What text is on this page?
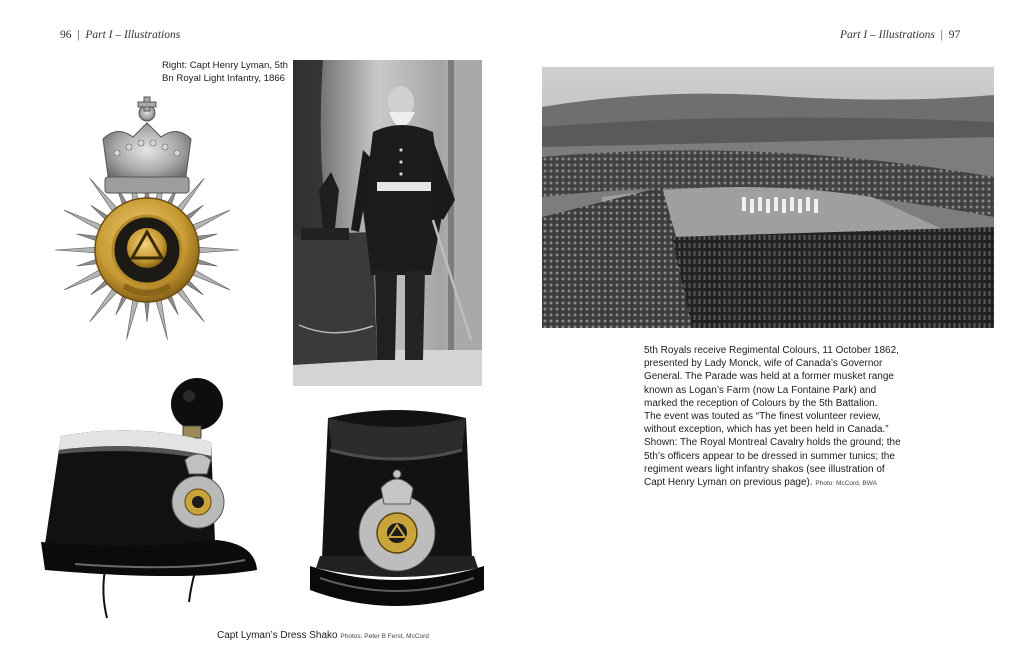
96 | Part I – Illustrations	Part I – Illustrations | 97
Right: Capt Henry Lyman, 5th
Bn Royal Light Infantry, 1866
5th Royals receive Regimental Colours, 11 October 1862,
presented by Lady Monck, wife of Canada’s Governor
General. The Parade was held at a former musket range
known as Logan’s Farm (now La Fontaine Park) and
marked the reception of Colours by the 5th Battalion.
The event was touted as “The finest volunteer review,
without exception, which has yet been held in Canada.”
Shown: The Royal Montreal Cavalry holds the ground; the
5th’s officers appear to be dressed in summer tunics; the
regiment wears light infantry shakos (see illustration of
Capt Henry Lyman on previous page). Photo: McCord, BWA
Capt Lyman’s Dress Shako Photos: Peter B Ferst, McCord
